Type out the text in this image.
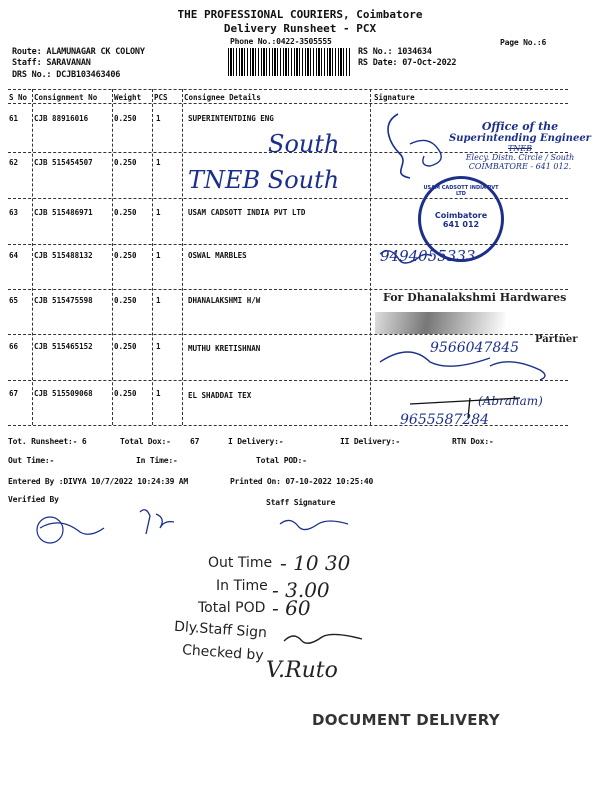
THE PROFESSIONAL COURIERS, Coimbatore
Delivery Runsheet - PCX
Phone No.:0422-3505555	Page No.:6
Route: ALAMUNAGAR CK COLONY
Staff: SARAVANAN
DRS No.: DCJB103463406
RS No.: 1034634
RS Date: 07-Oct-2022
S No Consignment No Weight PCS Consignee Details	Signature
61 CJB 88916016	0.250	1	SUPERINTENTDING ENG
62 CJB 515454507	0.250	1
63 CJB 515486971	0.250	1	USAM CADSOTT INDIA PVT LTD
64 CJB 515488132	0.250	1	OSWAL MARBLES
65 CJB 515475598	0.250	1	DHANALAKSHMI H/W
66 CJB 515465152	0.250	1	MUTHU KRETISHNAN
67 CJB 515509068	0.250	1	EL SHADDAI TEX
South
TNEB South
9494055333
9566047845
(Abraham)
9655587284
Office of the
Superintending Engineer
TNEB
Elecy. Distn. Circle / South
COIMBATORE - 641 012.
USAM CADSOTT INDIA PVT LTD
Coimbatore
641 012
For Dhanalakshmi Hardwares
Partner
Tot. Runsheet:- 6	Total Dox:- 67	I Delivery:-	II Delivery:-	RTN Dox:-
Out Time:-	In Time:-	Total POD:-
Entered By :DIVYA 10/7/2022 10:24:39 AM	Printed On: 07-10-2022 10:25:40
Verified By	Staff Signature
Out Time - 10 30
In Time - 3.00
Total POD - 60
Dly.Staff Sign
Checked by
V.Ruto
DOCUMENT DELIVERY
